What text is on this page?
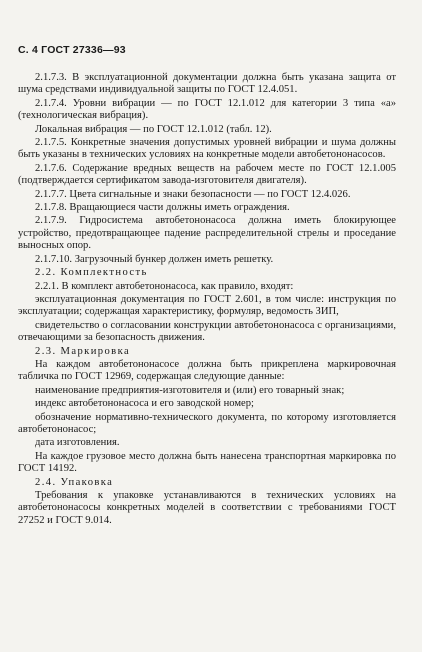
С. 4 ГОСТ 27336—93

2.1.7.3. В эксплуатационной документации должна быть указана защита от шума средствами индивидуальной защиты по ГОСТ 12.4.051.

2.1.7.4. Уровни вибрации — по ГОСТ 12.1.012 для категории 3 типа «а» (технологическая вибрация).

Локальная вибрация — по ГОСТ 12.1.012 (табл. 12).

2.1.7.5. Конкретные значения допустимых уровней вибрации и шума должны быть указаны в технических условиях на конкретные модели автобетононасосов.

2.1.7.6. Содержание вредных веществ на рабочем месте по ГОСТ 12.1.005 (подтверждается сертификатом завода-изготовителя двигателя).

2.1.7.7. Цвета сигнальные и знаки безопасности — по ГОСТ 12.4.026.

2.1.7.8. Вращающиеся части должны иметь ограждения.

2.1.7.9. Гидросистема автобетононасоса должна иметь блокирующее устройство, предотвращающее падение распределительной стрелы и проседание выносных опор.

2.1.7.10. Загрузочный бункер должен иметь решетку.

2.2. Комплектность

2.2.1. В комплект автобетононасоса, как правило, входят:

эксплуатационная документация по ГОСТ 2.601, в том числе: инструкция по эксплуатации; содержащая характеристику, формуляр, ведомость ЗИП,

свидетельство о согласовании конструкции автобетононасоса с организациями, отвечающими за безопасность движения.

2.3. Маркировка

На каждом автобетононасосе должна быть прикреплена маркировочная табличка по ГОСТ 12969, содержащая следующие данные:

наименование предприятия-изготовителя и (или) его товарный знак;

индекс автобетононасоса и его заводской номер;

обозначение нормативно-технического документа, по которому изготовляется автобетононасос;

дата изготовления.

На каждое грузовое место должна быть нанесена транспортная маркировка по ГОСТ 14192.

2.4. Упаковка

Требования к упаковке устанавливаются в технических условиях на автобетононасосы конкретных моделей в соответствии с требованиями ГОСТ 27252 и ГОСТ 9.014.
